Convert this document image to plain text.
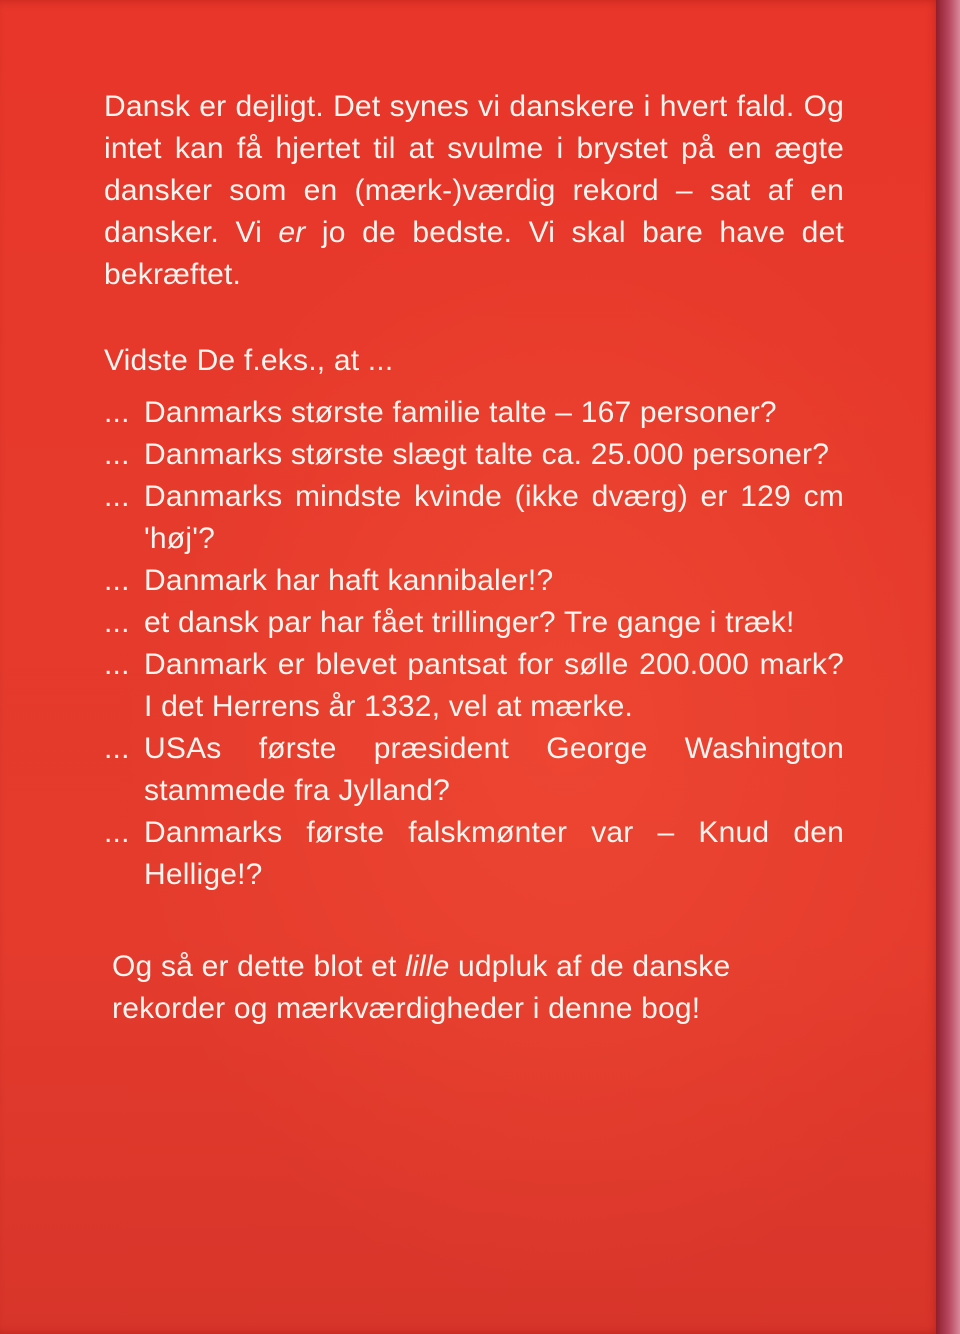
Dansk er dejligt. Det synes vi danskere i hvert fald. Og intet kan få hjertet til at svulme i brystet på en ægte dansker som en (mærk-)værdig rekord – sat af en dansker. Vi er jo de bedste. Vi skal bare have det bekræftet.

Vidste De f.eks., at ...

... Danmarks største familie talte – 167 personer?
... Danmarks største slægt talte ca. 25.000 personer?
... Danmarks mindste kvinde (ikke dværg) er 129 cm 'høj'?
... Danmark har haft kannibaler!?
... et dansk par har fået trillinger? Tre gange i træk!
... Danmark er blevet pantsat for sølle 200.000 mark? I det Herrens år 1332, vel at mærke.
... USAs første præsident George Washington stammede fra Jylland?
... Danmarks første falskmønter var – Knud den Hellige!?

Og så er dette blot et lille udpluk af de danske rekorder og mærkværdigheder i denne bog!
